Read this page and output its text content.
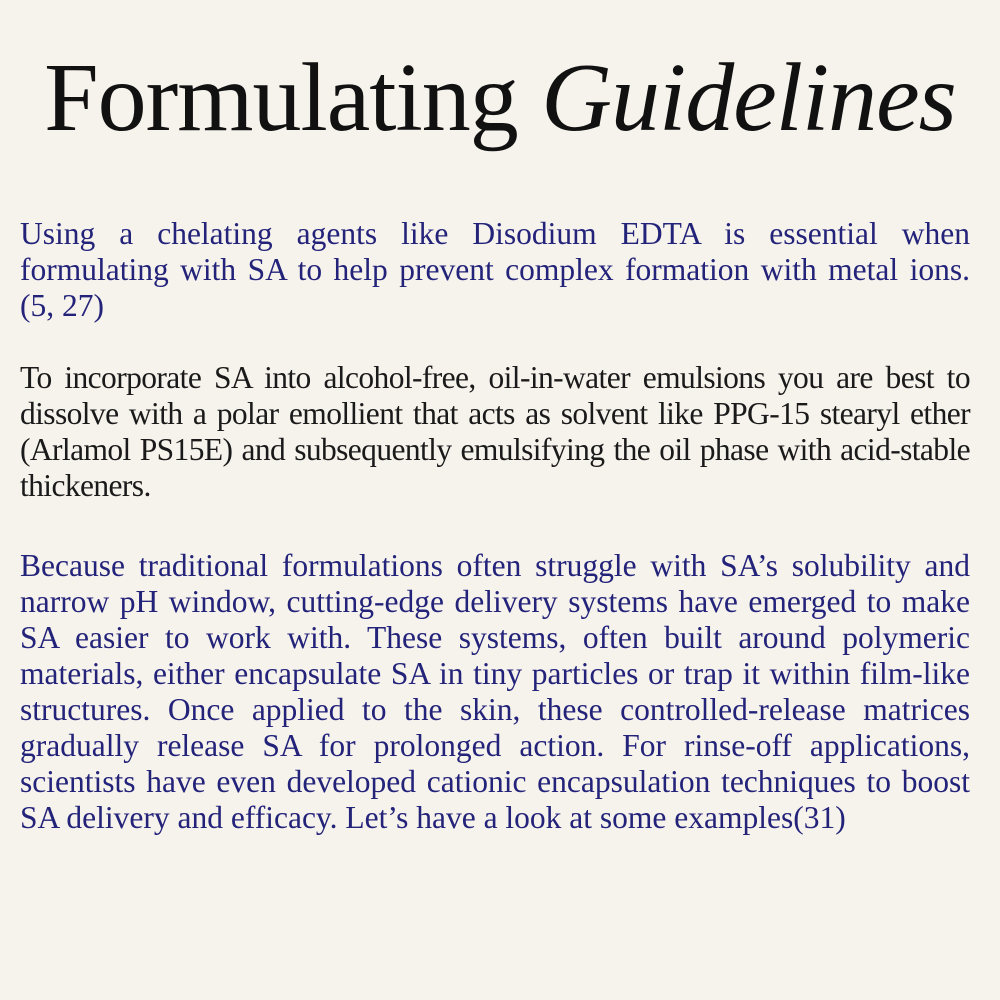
Formulating Guidelines

Using a chelating agents like Disodium EDTA is essential when formulating with SA to help prevent complex formation with metal ions. (5, 27)

To incorporate SA into alcohol-free, oil-in-water emulsions you are best to dissolve with a polar emollient that acts as solvent like PPG-15 stearyl ether (Arlamol PS15E) and subsequently emulsifying the oil phase with acid-stable thickeners.

Because traditional formulations often struggle with SA’s solubility and narrow pH window, cutting-edge delivery systems have emerged to make SA easier to work with. These systems, often built around polymeric materials, either encapsulate SA in tiny particles or trap it within film-like structures. Once applied to the skin, these controlled-release matrices gradually release SA for prolonged action. For rinse-off applications, scientists have even developed cationic encapsulation techniques to boost SA delivery and efficacy. Let’s have a look at some examples(31)
